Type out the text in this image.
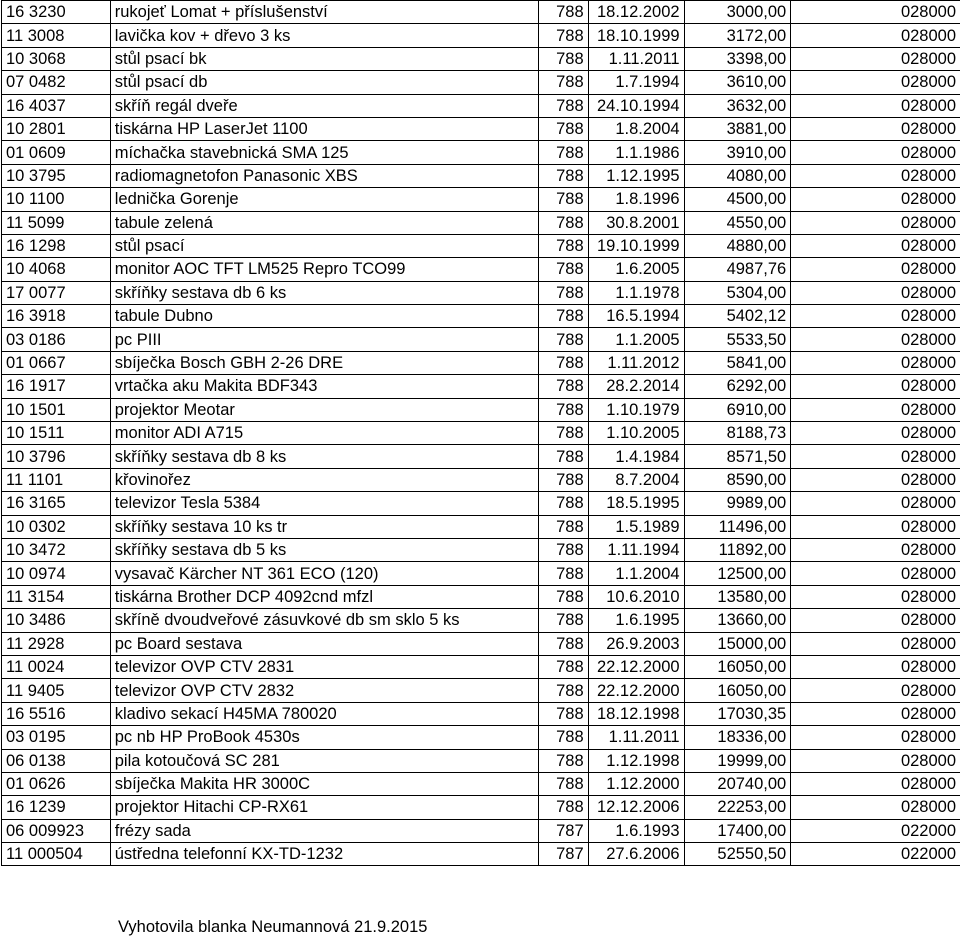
16 3230	rukojeť Lomat + příslušenství	788	18.12.2002	3000,00	028000
11 3008	lavička kov + dřevo 3 ks	788	18.10.1999	3172,00	028000
10 3068	stůl psací bk	788	1.11.2011	3398,00	028000
07 0482	stůl psací db	788	1.7.1994	3610,00	028000
16 4037	skříň regál dveře	788	24.10.1994	3632,00	028000
10 2801	tiskárna HP LaserJet 1100	788	1.8.2004	3881,00	028000
01 0609	míchačka stavebnická SMA 125	788	1.1.1986	3910,00	028000
10 3795	radiomagnetofon Panasonic XBS	788	1.12.1995	4080,00	028000
10 1100	lednička Gorenje	788	1.8.1996	4500,00	028000
11 5099	tabule zelená	788	30.8.2001	4550,00	028000
16 1298	stůl psací	788	19.10.1999	4880,00	028000
10 4068	monitor AOC TFT LM525 Repro TCO99	788	1.6.2005	4987,76	028000
17 0077	skříňky sestava db 6 ks	788	1.1.1978	5304,00	028000
16 3918	tabule Dubno	788	16.5.1994	5402,12	028000
03 0186	pc PIII	788	1.1.2005	5533,50	028000
01 0667	sbíječka Bosch GBH 2-26 DRE	788	1.11.2012	5841,00	028000
16 1917	vrtačka aku Makita BDF343	788	28.2.2014	6292,00	028000
10 1501	projektor Meotar	788	1.10.1979	6910,00	028000
10 1511	monitor ADI A715	788	1.10.2005	8188,73	028000
10 3796	skříňky sestava db 8 ks	788	1.4.1984	8571,50	028000
11 1101	křovinořez	788	8.7.2004	8590,00	028000
16 3165	televizor Tesla 5384	788	18.5.1995	9989,00	028000
10 0302	skříňky sestava 10 ks tr	788	1.5.1989	11496,00	028000
10 3472	skříňky sestava db 5 ks	788	1.11.1994	11892,00	028000
10 0974	vysavač Kärcher NT 361 ECO (120)	788	1.1.2004	12500,00	028000
11 3154	tiskárna Brother DCP 4092cnd mfzl	788	10.6.2010	13580,00	028000
10 3486	skříně dvoudveřové zásuvkové db sm sklo 5 ks	788	1.6.1995	13660,00	028000
11 2928	pc Board sestava	788	26.9.2003	15000,00	028000
11 0024	televizor OVP CTV 2831	788	22.12.2000	16050,00	028000
11 9405	televizor OVP CTV 2832	788	22.12.2000	16050,00	028000
16 5516	kladivo sekací H45MA 780020	788	18.12.1998	17030,35	028000
03 0195	pc nb HP ProBook 4530s	788	1.11.2011	18336,00	028000
06 0138	pila kotoučová SC 281	788	1.12.1998	19999,00	028000
01 0626	sbíječka Makita HR 3000C	788	1.12.2000	20740,00	028000
16 1239	projektor Hitachi CP-RX61	788	12.12.2006	22253,00	028000
06 009923	frézy sada	787	1.6.1993	17400,00	022000
11 000504	ústředna telefonní KX-TD-1232	787	27.6.2006	52550,50	022000
Vyhotovila blanka Neumannová 21.9.2015
